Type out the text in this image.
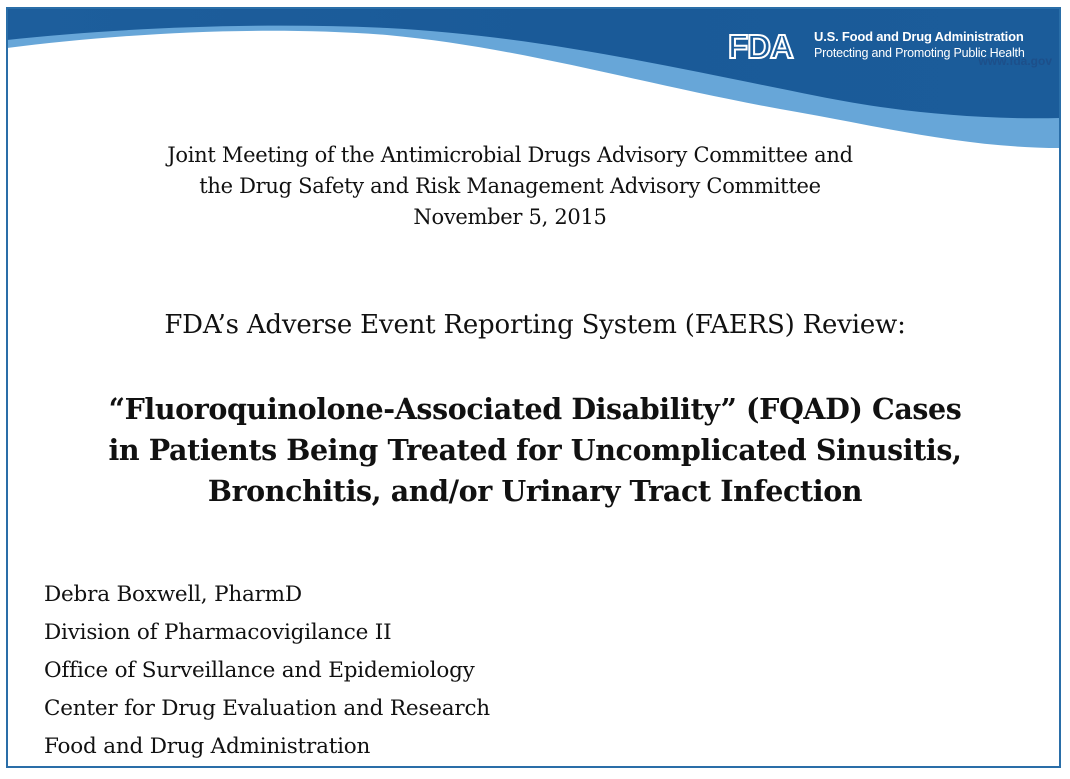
FDA U.S. Food and Drug Administration
Protecting and Promoting Public Health
www.fda.gov
Joint Meeting of the Antimicrobial Drugs Advisory Committee and
the Drug Safety and Risk Management Advisory Committee
November 5, 2015
FDA’s Adverse Event Reporting System (FAERS) Review:
“Fluoroquinolone-Associated Disability” (FQAD) Cases
in Patients Being Treated for Uncomplicated Sinusitis,
Bronchitis, and/or Urinary Tract Infection
Debra Boxwell, PharmD
Division of Pharmacovigilance II
Office of Surveillance and Epidemiology
Center for Drug Evaluation and Research
Food and Drug Administration
